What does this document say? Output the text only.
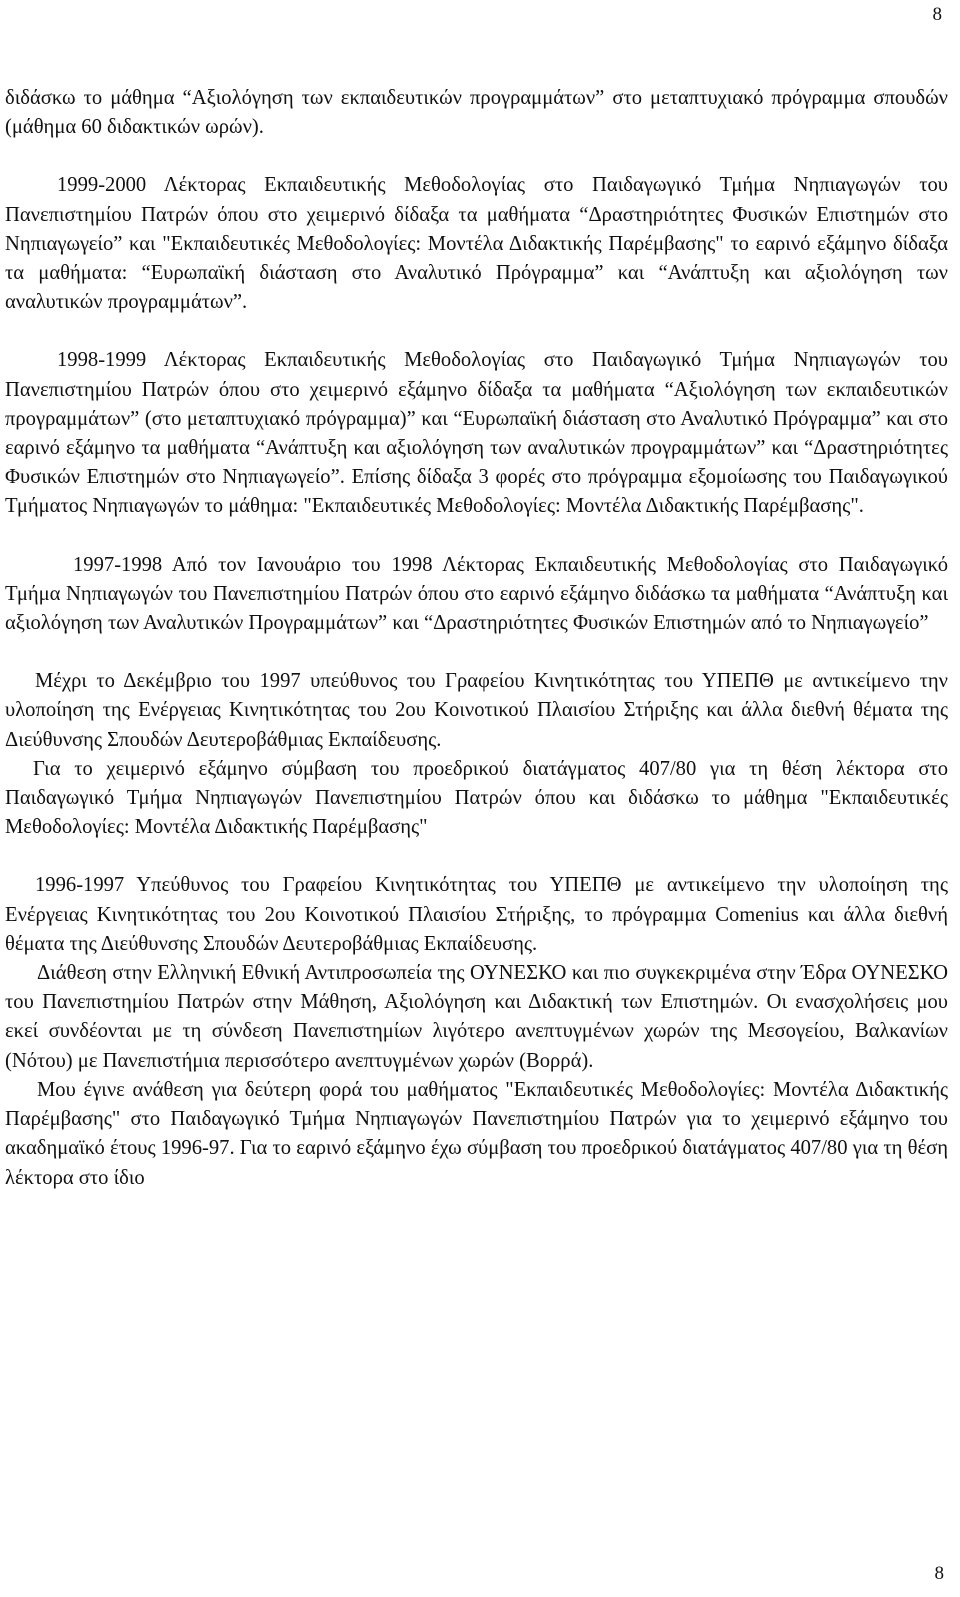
8

διδάσκω το μάθημα “Αξιολόγηση των εκπαιδευτικών προγραμμάτων” στο μεταπτυχιακό πρόγραμμα σπουδών (μάθημα 60 διδακτικών ωρών).

1999-2000 Λέκτορας Εκπαιδευτικής Μεθοδολογίας στο Παιδαγωγικό Τμήμα Νηπιαγωγών του Πανεπιστημίου Πατρών όπου στο χειμερινό δίδαξα τα μαθήματα “Δραστηριότητες Φυσικών Επιστημών στο Νηπιαγωγείο” και "Εκπαιδευτικές Μεθοδολογίες: Μοντέλα Διδακτικής Παρέμβασης" το εαρινό εξάμηνο δίδαξα τα μαθήματα: “Ευρωπαϊκή διάσταση στο Αναλυτικό Πρόγραμμα” και “Ανάπτυξη και αξιολόγηση των αναλυτικών προγραμμάτων”.

1998-1999 Λέκτορας Εκπαιδευτικής Μεθοδολογίας στο Παιδαγωγικό Τμήμα Νηπιαγωγών του Πανεπιστημίου Πατρών όπου στο χειμερινό εξάμηνο δίδαξα τα μαθήματα “Αξιολόγηση των εκπαιδευτικών προγραμμάτων” (στο μεταπτυχιακό πρόγραμμα)” και “Ευρωπαϊκή διάσταση στο Αναλυτικό Πρόγραμμα” και στο εαρινό εξάμηνο τα μαθήματα “Ανάπτυξη και αξιολόγηση των αναλυτικών προγραμμάτων” και “Δραστηριότητες Φυσικών Επιστημών στο Νηπιαγωγείο”. Επίσης δίδαξα 3 φορές στο πρόγραμμα εξομοίωσης του Παιδαγωγικού Τμήματος Νηπιαγωγών το μάθημα: "Εκπαιδευτικές Μεθοδολογίες: Μοντέλα Διδακτικής Παρέμβασης".

1997-1998 Από τον Ιανουάριο του 1998 Λέκτορας Εκπαιδευτικής Μεθοδολογίας στο Παιδαγωγικό Τμήμα Νηπιαγωγών του Πανεπιστημίου Πατρών όπου στο εαρινό εξάμηνο διδάσκω τα μαθήματα “Ανάπτυξη και αξιολόγηση των Αναλυτικών Προγραμμάτων” και “Δραστηριότητες Φυσικών Επιστημών από το Νηπιαγωγείο”

Μέχρι το Δεκέμβριο του 1997 υπεύθυνος του Γραφείου Κινητικότητας του ΥΠΕΠΘ με αντικείμενο την υλοποίηση της Ενέργειας Κινητικότητας του 2ου Κοινοτικού Πλαισίου Στήριξης και άλλα διεθνή θέματα της Διεύθυνσης Σπουδών Δευτεροβάθμιας Εκπαίδευσης.

Για το χειμερινό εξάμηνο σύμβαση του προεδρικού διατάγματος 407/80 για τη θέση λέκτορα στο Παιδαγωγικό Τμήμα Νηπιαγωγών Πανεπιστημίου Πατρών όπου και διδάσκω το μάθημα "Εκπαιδευτικές Μεθοδολογίες: Μοντέλα Διδακτικής Παρέμβασης"

1996-1997 Υπεύθυνος του Γραφείου Κινητικότητας του ΥΠΕΠΘ με αντικείμενο την υλοποίηση της Ενέργειας Κινητικότητας του 2ου Κοινοτικού Πλαισίου Στήριξης, το πρόγραμμα Comenius και άλλα διεθνή θέματα της Διεύθυνσης Σπουδών Δευτεροβάθμιας Εκπαίδευσης.

Διάθεση στην Ελληνική Εθνική Αντιπροσωπεία της ΟΥΝΕΣΚΟ και πιο συγκεκριμένα στην Έδρα ΟΥΝΕΣΚΟ του Πανεπιστημίου Πατρών στην Μάθηση, Αξιολόγηση και Διδακτική των Επιστημών. Οι ενασχολήσεις μου εκεί συνδέονται με τη σύνδεση Πανεπιστημίων λιγότερο ανεπτυγμένων χωρών της Μεσογείου, Βαλκανίων (Νότου) με Πανεπιστήμια περισσότερο ανεπτυγμένων χωρών (Βορρά).

Μου έγινε ανάθεση για δεύτερη φορά του μαθήματος "Εκπαιδευτικές Μεθοδολογίες: Μοντέλα Διδακτικής Παρέμβασης" στο Παιδαγωγικό Τμήμα Νηπιαγωγών Πανεπιστημίου Πατρών για το χειμερινό εξάμηνο του ακαδημαϊκό έτους 1996-97. Για το εαρινό εξάμηνο έχω σύμβαση του προεδρικού διατάγματος 407/80 για τη θέση λέκτορα στο ίδιο

8
